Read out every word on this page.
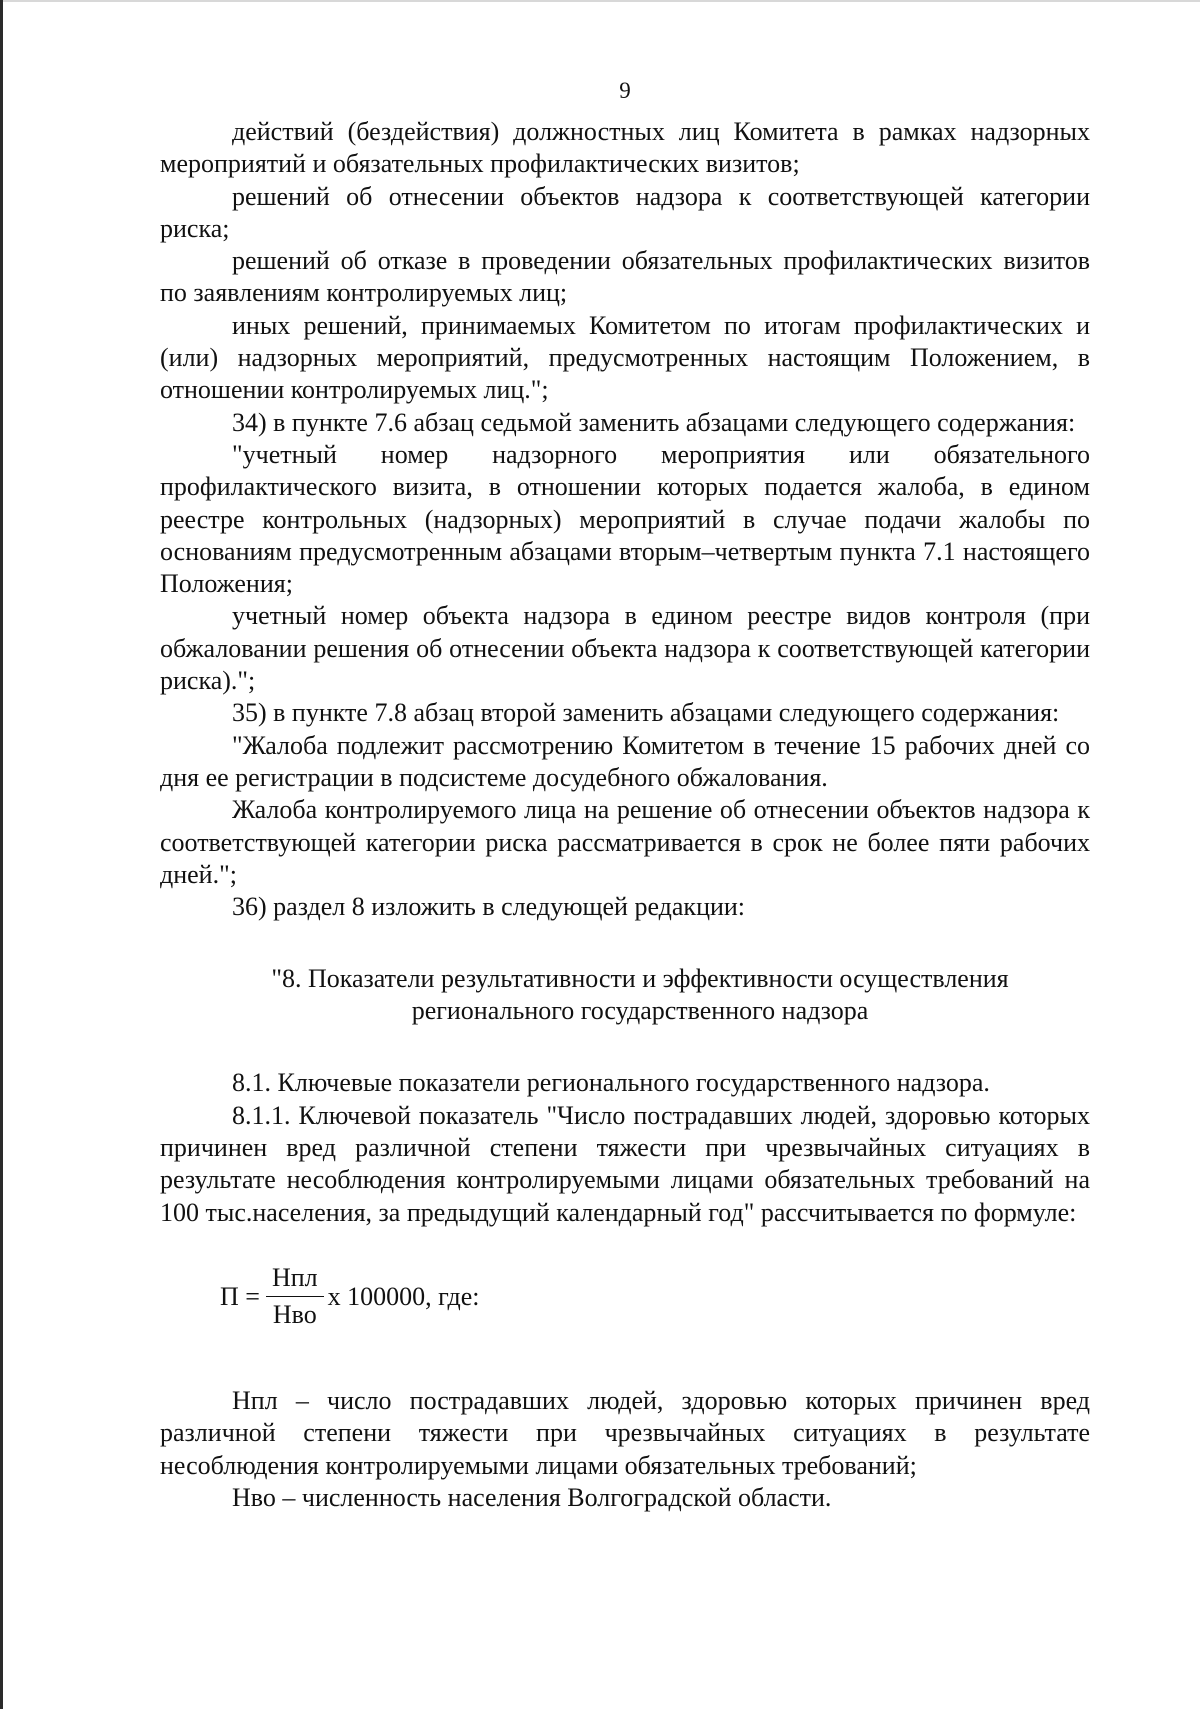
9

действий (бездействия) должностных лиц Комитета в рамках надзорных мероприятий и обязательных профилактических визитов;

решений об отнесении объектов надзора к соответствующей категории риска;

решений об отказе в проведении обязательных профилактических визитов по заявлениям контролируемых лиц;

иных решений, принимаемых Комитетом по итогам профилактических и (или) надзорных мероприятий, предусмотренных настоящим Положением, в отношении контролируемых лиц.";

34) в пункте 7.6 абзац седьмой заменить абзацами следующего содержания:

"учетный номер надзорного мероприятия или обязательного профилактического визита, в отношении которых подается жалоба, в едином реестре контрольных (надзорных) мероприятий в случае подачи жалобы по основаниям предусмотренным абзацами вторым–четвертым пункта 7.1 настоящего Положения;

учетный номер объекта надзора в едином реестре видов контроля (при обжаловании решения об отнесении объекта надзора к соответствующей категории риска).";

35) в пункте 7.8 абзац второй заменить абзацами следующего содержания:

"Жалоба подлежит рассмотрению Комитетом в течение 15 рабочих дней со дня ее регистрации в подсистеме досудебного обжалования.

Жалоба контролируемого лица на решение об отнесении объектов надзора к соответствующей категории риска рассматривается в срок не более пяти рабочих дней.";

36) раздел 8 изложить в следующей редакции:

"8. Показатели результативности и эффективности осуществления
регионального государственного надзора

8.1. Ключевые показатели регионального государственного надзора.

8.1.1. Ключевой показатель "Число пострадавших людей, здоровью которых причинен вред различной степени тяжести при чрезвычайных ситуациях в результате несоблюдения контролируемыми лицами обязательных требований на 100 тыс.населения, за предыдущий календарный год" рассчитывается по формуле:

$П = \frac{\text{Нпл}}{\text{Нво}}$ х 100000, где:

Нпл – число пострадавших людей, здоровью которых причинен вред различной степени тяжести при чрезвычайных ситуациях в результате несоблюдения контролируемыми лицами обязательных требований;

Нво – численность населения Волгоградской области.
